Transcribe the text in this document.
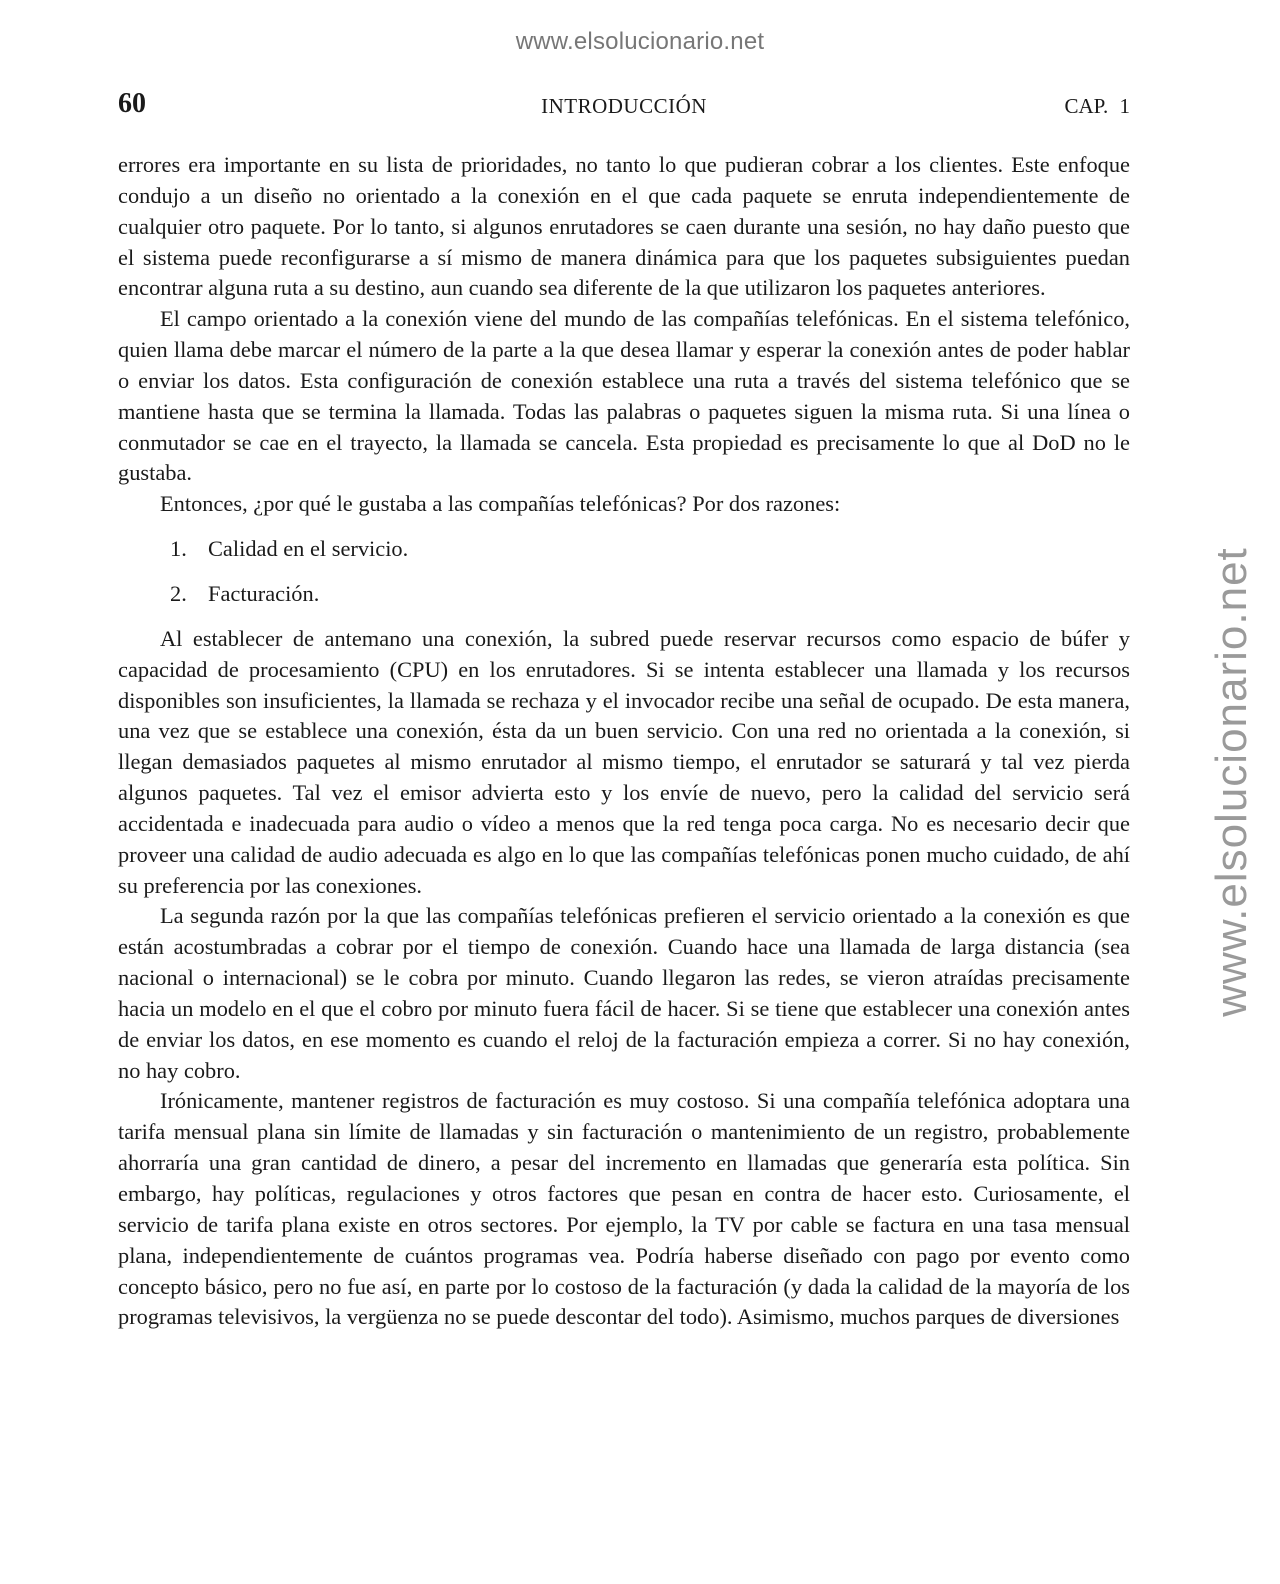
www.elsolucionario.net
www.elsolucionario.net
60	INTRODUCCIÓN	CAP. 1

errores era importante en su lista de prioridades, no tanto lo que pudieran cobrar a los clientes. Este enfoque condujo a un diseño no orientado a la conexión en el que cada paquete se enruta independientemente de cualquier otro paquete. Por lo tanto, si algunos enrutadores se caen durante una sesión, no hay daño puesto que el sistema puede reconfigurarse a sí mismo de manera dinámica para que los paquetes subsiguientes puedan encontrar alguna ruta a su destino, aun cuando sea diferente de la que utilizaron los paquetes anteriores.

El campo orientado a la conexión viene del mundo de las compañías telefónicas. En el sistema telefónico, quien llama debe marcar el número de la parte a la que desea llamar y esperar la conexión antes de poder hablar o enviar los datos. Esta configuración de conexión establece una ruta a través del sistema telefónico que se mantiene hasta que se termina la llamada. Todas las palabras o paquetes siguen la misma ruta. Si una línea o conmutador se cae en el trayecto, la llamada se cancela. Esta propiedad es precisamente lo que al DoD no le gustaba.

Entonces, ¿por qué le gustaba a las compañías telefónicas? Por dos razones:

1. Calidad en el servicio.
2. Facturación.

Al establecer de antemano una conexión, la subred puede reservar recursos como espacio de búfer y capacidad de procesamiento (CPU) en los enrutadores. Si se intenta establecer una llamada y los recursos disponibles son insuficientes, la llamada se rechaza y el invocador recibe una señal de ocupado. De esta manera, una vez que se establece una conexión, ésta da un buen servicio. Con una red no orientada a la conexión, si llegan demasiados paquetes al mismo enrutador al mismo tiempo, el enrutador se saturará y tal vez pierda algunos paquetes. Tal vez el emisor advierta esto y los envíe de nuevo, pero la calidad del servicio será accidentada e inadecuada para audio o vídeo a menos que la red tenga poca carga. No es necesario decir que proveer una calidad de audio adecuada es algo en lo que las compañías telefónicas ponen mucho cuidado, de ahí su preferencia por las conexiones.

La segunda razón por la que las compañías telefónicas prefieren el servicio orientado a la conexión es que están acostumbradas a cobrar por el tiempo de conexión. Cuando hace una llamada de larga distancia (sea nacional o internacional) se le cobra por minuto. Cuando llegaron las redes, se vieron atraídas precisamente hacia un modelo en el que el cobro por minuto fuera fácil de hacer. Si se tiene que establecer una conexión antes de enviar los datos, en ese momento es cuando el reloj de la facturación empieza a correr. Si no hay conexión, no hay cobro.

Irónicamente, mantener registros de facturación es muy costoso. Si una compañía telefónica adoptara una tarifa mensual plana sin límite de llamadas y sin facturación o mantenimiento de un registro, probablemente ahorraría una gran cantidad de dinero, a pesar del incremento en llamadas que generaría esta política. Sin embargo, hay políticas, regulaciones y otros factores que pesan en contra de hacer esto. Curiosamente, el servicio de tarifa plana existe en otros sectores. Por ejemplo, la TV por cable se factura en una tasa mensual plana, independientemente de cuántos programas vea. Podría haberse diseñado con pago por evento como concepto básico, pero no fue así, en parte por lo costoso de la facturación (y dada la calidad de la mayoría de los programas televisivos, la vergüenza no se puede descontar del todo). Asimismo, muchos parques de diversiones
